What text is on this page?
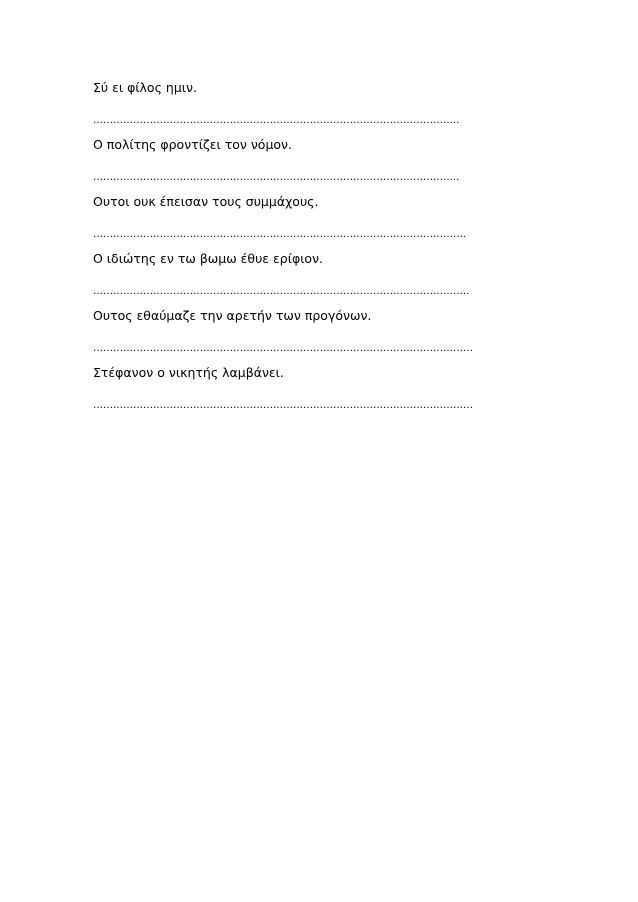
Σύ ει φίλος ημιν.
………………………………………………………………………………………………..
Ο πολίτης φροντίζει τον νόμον.
………………………………………………………………………………………………..
Ουτοι ουκ έπεισαν τους συμμάχους.
………………………………………………………………………………………………….
Ο ιδιώτης εν τω βωμω έθυε ερίφιον.
…………………………………………………………………………………………………..
Ουτος εθαύμαζε την αρετήν των προγόνων.
……………………………………………………………………………………………………
Στέφανον ο νικητής λαμβάνει.
……………………………………………………………………………………………………
